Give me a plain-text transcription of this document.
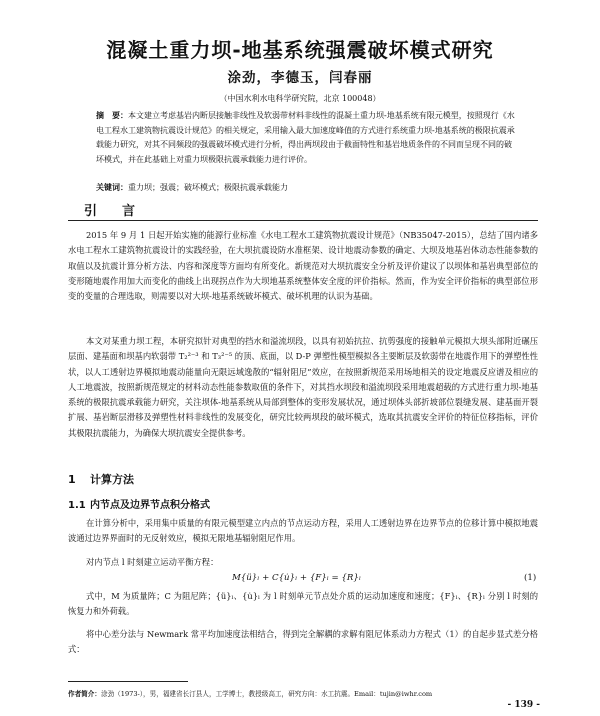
混凝土重力坝-地基系统强震破坏模式研究
涂劲，李德玉，闫春丽
（中国水利水电科学研究院，北京 100048）
摘　要：本文建立考虑基岩内断层接触非线性及软弱带材料非线性的混凝土重力坝-地基系统有限元模型，按照现行《水电工程水工建筑物抗震设计规范》的相关规定，采用输入最大加速度峰值的方式进行系统重力坝-地基系统的极限抗震承载能力研究，对其不同频段的强震破坏模式进行分析，得出两坝段由于截面特性和基岩地质条件的不同而呈现不同的破坏模式，并在此基础上对重力坝极限抗震承载能力进行评价。
关键词：重力坝；强震；破坏模式；极限抗震承载能力
引　言
2015 年 9 月 1 日起开始实施的能源行业标准《水电工程水工建筑物抗震设计规范》（NB35047-2015），总结了国内诸多水电工程水工建筑物抗震设计的实践经验，在大坝抗震设防水准框架、设计地震动参数的确定、大坝及地基岩体动态性能参数的取值以及抗震计算分析方法、内容和深度等方面均有所变化。新规范对大坝抗震安全分析及评价建议了以坝体和基岩典型部位的变形随地震作用加大而变化的曲线上出现拐点作为大坝地基系统整体安全度的评价指标。然而，作为安全评价指标的典型部位形变的变量的合理选取，则需要以对大坝-地基系统破坏模式、破坏机理的认识为基础。
本文对某重力坝工程，本研究拟针对典型的挡水和溢流坝段，以具有初始抗拉、抗剪强度的接触单元模拟大坝头部附近碾压层面、建基面和坝基内软弱带 T₂²⁻³ 和 T₃²⁻⁵ 的顶、底面，以 D-P 弹塑性模型模拟各主要断层及软弱带在地震作用下的弹塑性性状，以人工透射边界模拟地震动能量向无限远域逸散的“辐射阻尼”效应，在按照新规范采用场地相关的设定地震反应谱及相应的人工地震波，按照新规范规定的材料动态性能参数取值的条件下，对其挡水坝段和溢流坝段采用地震超载的方式进行重力坝-地基系统的极限抗震承载能力研究，关注坝体-地基系统从局部到整体的变形发展状况，通过坝体头部折坡部位裂缝发展、建基面开裂扩展、基岩断层滑移及弹塑性材料非线性的发展变化，研究比较两坝段的破坏模式，选取其抗震安全评价的特征位移指标，评价其极限抗震能力，为确保大坝抗震安全提供参考。
1 计算方法
1.1 内节点及边界节点积分格式
在计算分析中，采用集中质量的有限元模型建立内点的节点运动方程，采用人工透射边界在边界节点的位移计算中模拟地震波通过边界界面时的无反射效应，模拟无限地基辐射阻尼作用。
对内节点 l 时刻建立运动平衡方程：
M{ü}ₗ + C{u̇}ₗ + {F}ₗ = {R}ₗ	(1)
式中，M 为质量阵；C 为阻尼阵；{ü}ₗ、{u̇}ₗ 为 l 时刻单元节点处介质的运动加速度和速度；{F}ₗ、{R}ₗ 分别 l 时刻的恢复力和外荷载。
将中心差分法与 Newmark 常平均加速度法相结合，得到完全解耦的求解有阻尼体系动力方程式（1）的自起步显式差分格式：
作者简介：涂劲（1973-），男，福建省长汀县人，工学博士，教授级高工，研究方向：水工抗震。Email：tujin@iwhr.com
- 139 -
